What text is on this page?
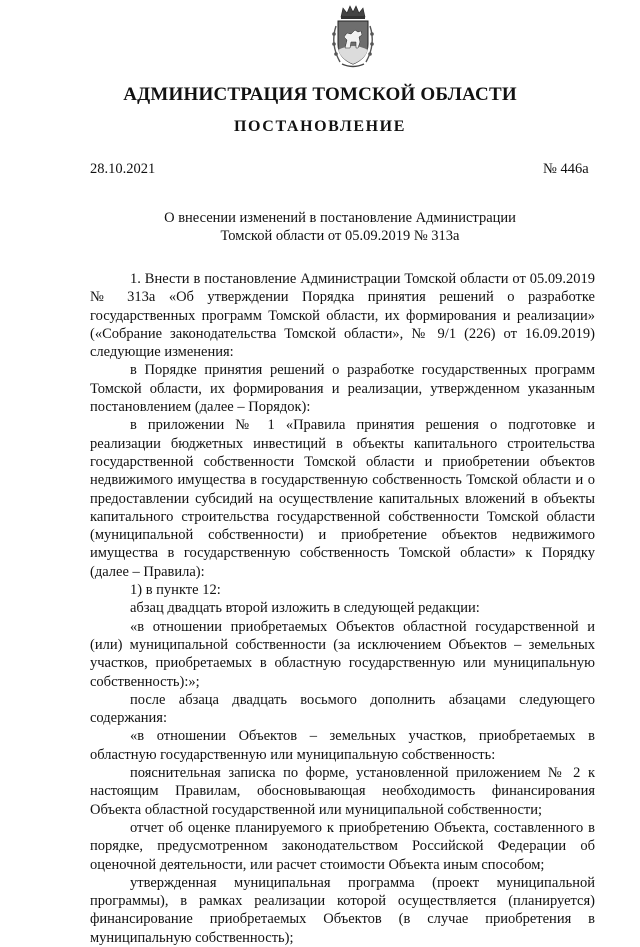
АДМИНИСТРАЦИЯ ТОМСКОЙ ОБЛАСТИ
ПОСТАНОВЛЕНИЕ
28.10.2021	№ 446а
О внесении изменений в постановление Администрации
Томской области от 05.09.2019 № 313а

1. Внести в постановление Администрации Томской области от 05.09.2019 № 313а «Об утверждении Порядка принятия решений о разработке государственных программ Томской области, их формирования и реализации» («Собрание законодательства Томской области», № 9/1 (226) от 16.09.2019) следующие изменения:

в Порядке принятия решений о разработке государственных программ Томской области, их формирования и реализации, утвержденном указанным постановлением (далее – Порядок):

в приложении № 1 «Правила принятия решения о подготовке и реализации бюджетных инвестиций в объекты капитального строительства государственной собственности Томской области и приобретении объектов недвижимого имущества в государственную собственность Томской области и о предоставлении субсидий на осуществление капитальных вложений в объекты капитального строительства государственной собственности Томской области (муниципальной собственности) и приобретение объектов недвижимого имущества в государственную собственность Томской области» к Порядку (далее – Правила):

1) в пункте 12:

абзац двадцать второй изложить в следующей редакции:

«в отношении приобретаемых Объектов областной государственной и (или) муниципальной собственности (за исключением Объектов – земельных участков, приобретаемых в областную государственную или муниципальную собственность):»;

после абзаца двадцать восьмого дополнить абзацами следующего содержания:

«в отношении Объектов – земельных участков, приобретаемых в областную государственную или муниципальную собственность:

пояснительная записка по форме, установленной приложением № 2 к настоящим Правилам, обосновывающая необходимость финансирования Объекта областной государственной или муниципальной собственности;

отчет об оценке планируемого к приобретению Объекта, составленного в порядке, предусмотренном законодательством Российской Федерации об оценочной деятельности, или расчет стоимости Объекта иным способом;

утвержденная муниципальная программа (проект муниципальной программы), в рамках реализации которой осуществляется (планируется) финансирование приобретаемых Объектов (в случае приобретения в муниципальную собственность);
